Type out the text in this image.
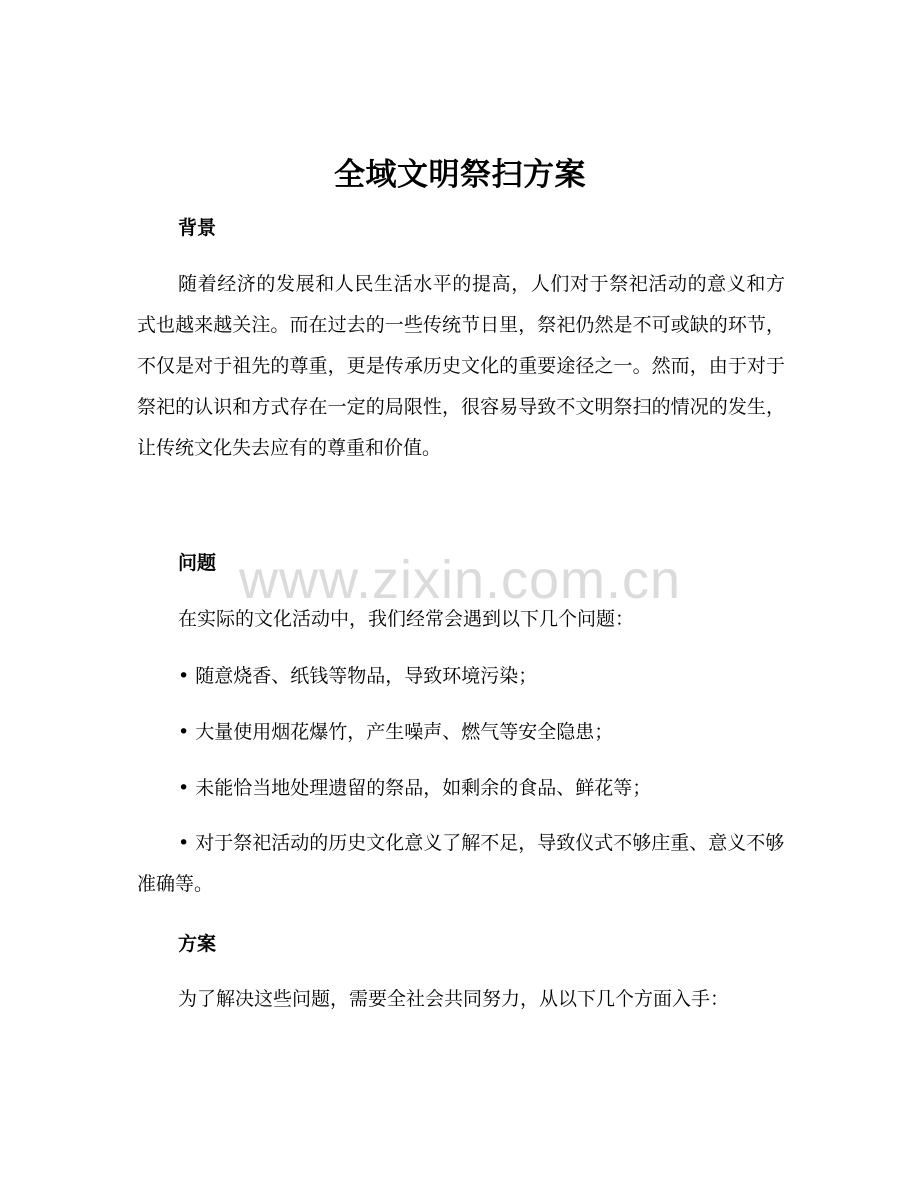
全域文明祭扫方案
背景

随着经济的发展和人民生活水平的提高，人们对于祭祀活动的意义和方式也越来越关注。而在过去的一些传统节日里，祭祀仍然是不可或缺的环节，不仅是对于祖先的尊重，更是传承历史文化的重要途径之一。然而，由于对于祭祀的认识和方式存在一定的局限性，很容易导致不文明祭扫的情况的发生，让传统文化失去应有的尊重和价值。

问题
在实际的文化活动中，我们经常会遇到以下几个问题：
• 随意烧香、纸钱等物品，导致环境污染；
• 大量使用烟花爆竹，产生噪声、燃气等安全隐患；
• 未能恰当地处理遗留的祭品，如剩余的食品、鲜花等；

• 对于祭祀活动的历史文化意义了解不足，导致仪式不够庄重、意义不够准确等。

方案

为了解决这些问题，需要全社会共同努力，从以下几个方面入手：

www.zixin.com.cn
